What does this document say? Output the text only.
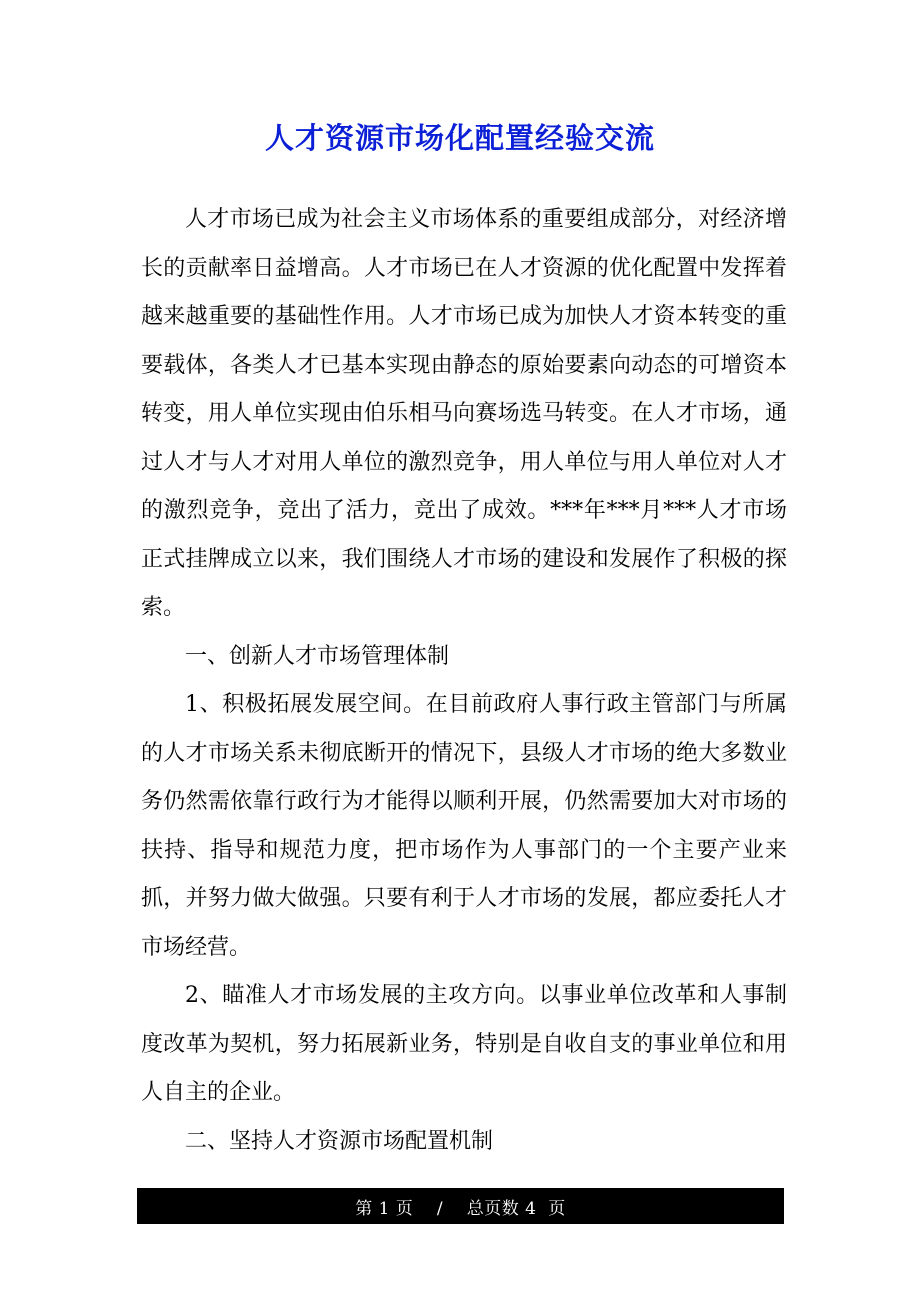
人才资源市场化配置经验交流

人才市场已成为社会主义市场体系的重要组成部分，对经济增长的贡献率日益增高。人才市场已在人才资源的优化配置中发挥着越来越重要的基础性作用。人才市场已成为加快人才资本转变的重要载体，各类人才已基本实现由静态的原始要素向动态的可增资本转变，用人单位实现由伯乐相马向赛场选马转变。在人才市场，通过人才与人才对用人单位的激烈竞争，用人单位与用人单位对人才的激烈竞争，竞出了活力，竞出了成效。***年***月***人才市场正式挂牌成立以来，我们围绕人才市场的建设和发展作了积极的探索。

一、创新人才市场管理体制

1、积极拓展发展空间。在目前政府人事行政主管部门与所属的人才市场关系未彻底断开的情况下，县级人才市场的绝大多数业务仍然需依靠行政行为才能得以顺利开展，仍然需要加大对市场的扶持、指导和规范力度，把市场作为人事部门的一个主要产业来抓，并努力做大做强。只要有利于人才市场的发展，都应委托人才市场经营。

2、瞄准人才市场发展的主攻方向。以事业单位改革和人事制度改革为契机，努力拓展新业务，特别是自收自支的事业单位和用人自主的企业。

二、坚持人才资源市场配置机制

第 1 页    /    总页数 4  页
